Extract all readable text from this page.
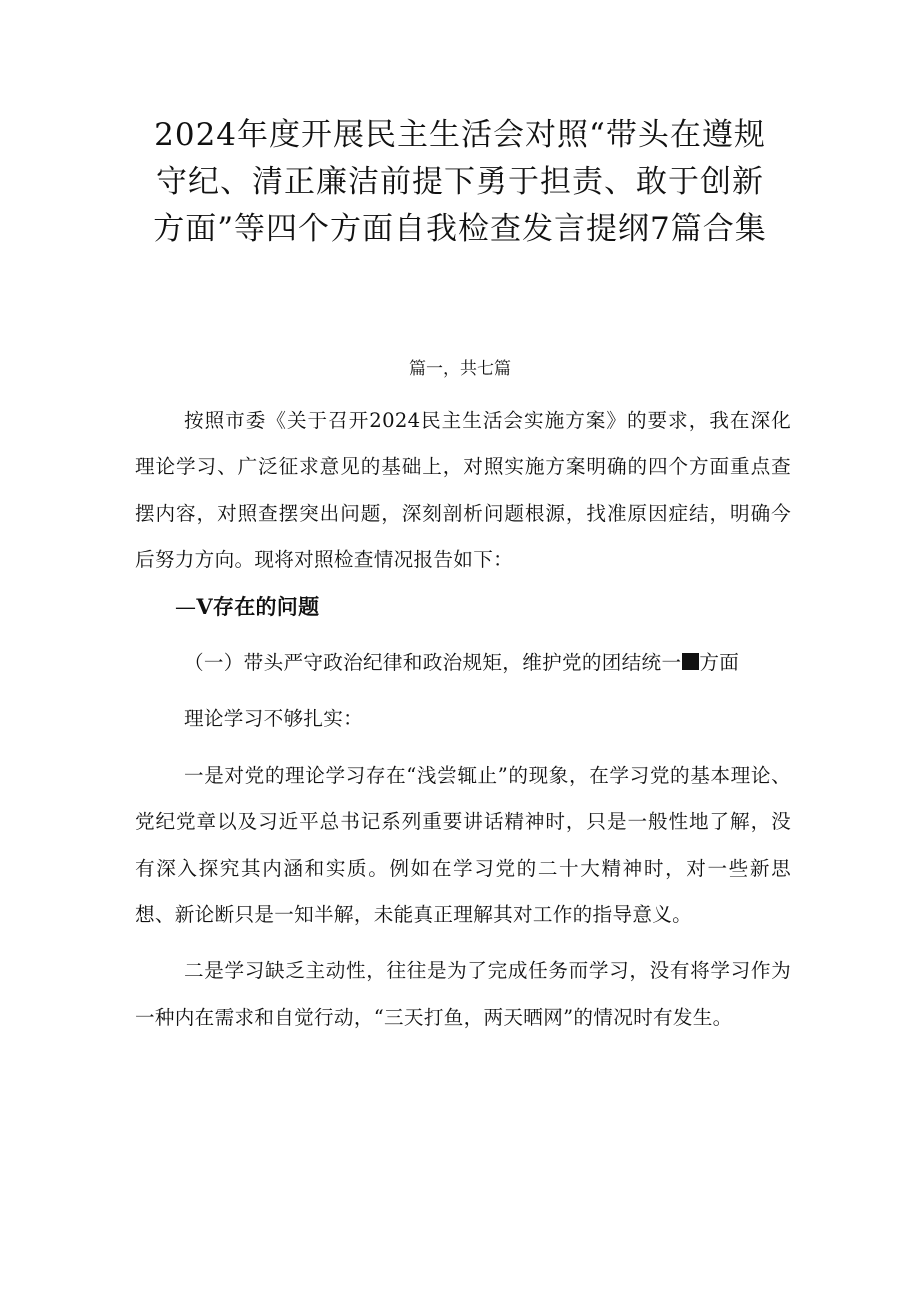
2024年度开展民主生活会对照“带头在遵规守纪、清正廉洁前提下勇于担责、敢于创新方面”等四个方面自我检查发言提纲7篇合集
篇一，共七篇

按照市委《关于召开2024民主生活会实施方案》的要求，我在深化理论学习、广泛征求意见的基础上，对照实施方案明确的四个方面重点查摆内容，对照查摆突出问题，深刻剖析问题根源，找准原因症结，明确今后努力方向。现将对照检查情况报告如下：

—V存在的问题

（一）带头严守政治纪律和政治规矩，维护党的团结统一 方面

理论学习不够扎实：

一是对党的理论学习存在“浅尝辄止”的现象，在学习党的基本理论、党纪党章以及习近平总书记系列重要讲话精神时，只是一般性地了解，没有深入探究其内涵和实质。例如在学习党的二十大精神时，对一些新思想、新论断只是一知半解，未能真正理解其对工作的指导意义。

二是学习缺乏主动性，往往是为了完成任务而学习，没有将学习作为一种内在需求和自觉行动，“三天打鱼，两天晒网”的情况时有发生。
